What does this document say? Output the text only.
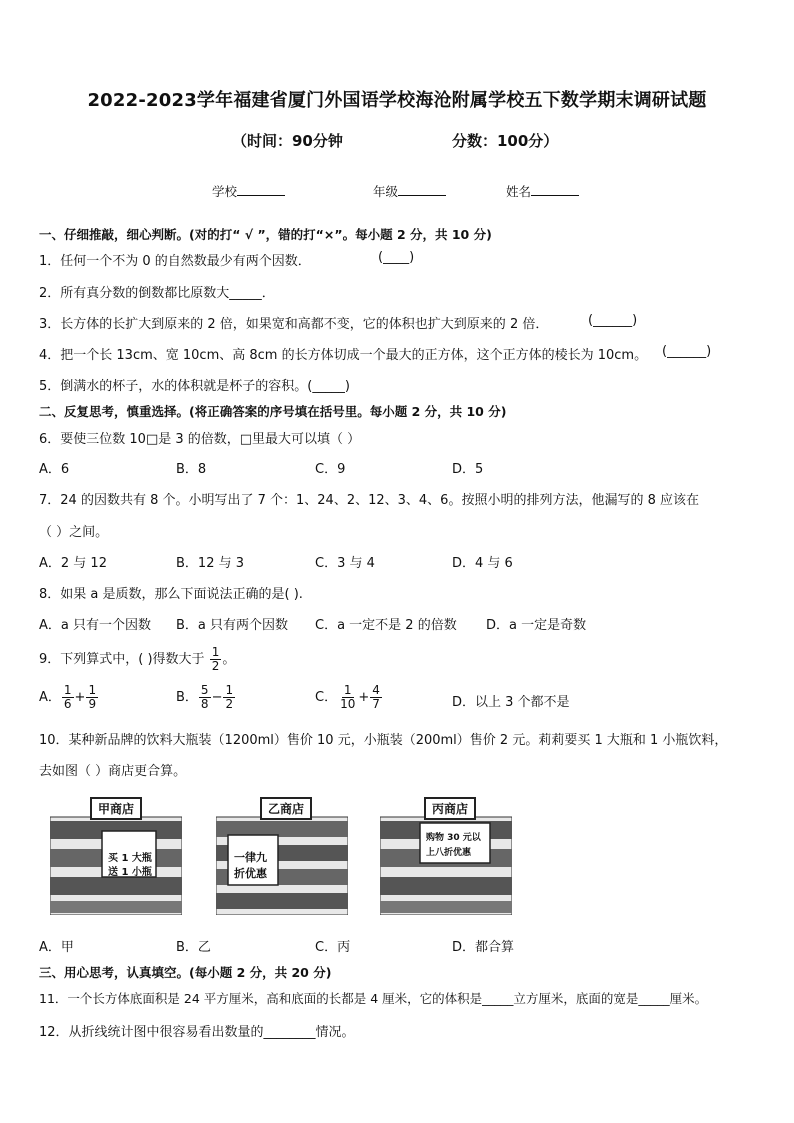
2022-2023学年福建省厦门外国语学校海沧附属学校五下数学期末调研试题
（时间：90分钟	分数：100分）
学校	年级	姓名
一、仔细推敲，细心判断。(对的打“ √ ”，错的打“×”。每小题 2 分，共 10 分)
1．任何一个不为 0 的自然数最少有两个因数．	(____)
2．所有真分数的倒数都比原数大_____．
3．长方体的长扩大到原来的 2 倍，如果宽和高都不变，它的体积也扩大到原来的 2 倍．	(______)
4．把一个长 13cm、宽 10cm、高 8cm 的长方体切成一个最大的正方体，这个正方体的棱长为 10cm。 (______)
5．倒满水的杯子，水的体积就是杯子的容积。(_____)
二、反复思考，慎重选择。(将正确答案的序号填在括号里。每小题 2 分，共 10 分)
6．要使三位数 10□是 3 的倍数，□里最大可以填（ ）
A．6	B．8	C．9	D．5
7．24 的因数共有 8 个。小明写出了 7 个：1、24、2、12、3、4、6。按照小明的排列方法，他漏写的 8 应该在
（ ）之间。
A．2 与 12	B．12 与 3	C．3 与 4	D．4 与 6
8．如果 a 是质数，那么下面说法正确的是( ).
A．a 只有一个因数 B．a 只有两个因数 C．a 一定不是 2 的倍数 D．a 一定是奇数
9．下列算式中，( )得数大于 $\frac{1}{2}$ 。
A． $\frac{1}{6} + \frac{1}{9}$	B． $\frac{5}{8} - \frac{1}{2}$	C． $\frac{1}{10} + \frac{4}{7}$	D．以上 3 个都不是
10．某种新品牌的饮料大瓶装（1200ml）售价 10 元，小瓶装（200ml）售价 2 元。莉莉要买 1 大瓶和 1 小瓶饮料，
去如图（ ）商店更合算。
甲商店
买 1 大瓶
送 1 小瓶
乙商店
一律九
折优惠
丙商店
购物 30 元以
上八折优惠
A．甲	B．乙	C．丙	D．都合算
三、用心思考，认真填空。(每小题 2 分，共 20 分)
11．一个长方体底面积是 24 平方厘米，高和底面的长都是 4 厘米，它的体积是_____立方厘米，底面的宽是_____厘米。
12．从折线统计图中很容易看出数量的________情况。
